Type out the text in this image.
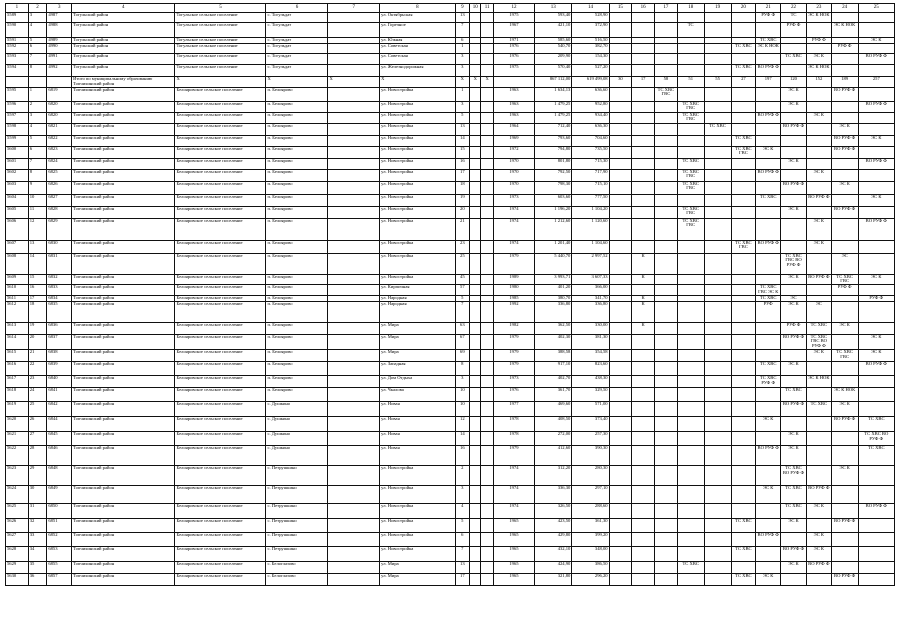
1	2	3	4	5	6	7	8	9	10	11	12	13	14	15	16	17	18	19	20	21	22	23	24	25
5589	3	4987	Тогульский район	Тогульское сельское поселение	с. Тогульдат		ул. Октябрьская	13			1975	593,40	528,90							РУФ Ф	ТС	ЭС К НОК		
5590	4	4988	Тогульский район	Тогульское сельское поселение	с. Тогульдат		ул. Горечное	7			1967	421,10	372,90				ТС				РУФ Ф		ЭС К НОК	
5591	5	4989	Тогульский район	Тогульское сельское поселение	с. Тогульдат		ул. Южная	6			1971	585,60	516,50							ТС ХВС		РУФ Ф		ЭС К
5592	6	4990	Тогульский район	Тогульское сельское поселение	с. Тогульдат		ул. Советская	1			1976	540,70	382,70						ТС ХВС	ЭС К НОК			РУФ Ф	
5593	7	4991	Тогульский район	Тогульское сельское поселение	с. Тогульдат		ул. Советская	3			1976	209,90	154,30								ТС ХВС	ЭС К		ВО РУФ Ф
5594	8	4992	Тогульский район	Тогульское сельское поселение	с. Тогульдат		ул. Железнодорожная	3			1975	570,40	527,20						ТС ХВС	ВО РУФ Ф		ЭС К НОК		
			Итого по муниципальному образованию Топчихинский район	Х	Х	Х	Х	Х	Х	Х		867 112,00	619 499,08	30	17	58	51	55	27	197	120	152	189	257
5595	1	6819	Топчихинский район	Белояровское сельское поселение	п. Белоярово		ул. Новостройка	1			1963	1 634,13	636,60			ТС ХВС ГВС					ЭС К		ВО РУФ Ф	
5596	2	6820	Топчихинский район	Белояровское сельское поселение	п. Белоярово		ул. Новостройка	3			1963	1 479,25	952,80				ТС ХВС ГВС				ЭС К			ВО РУФ Ф
5597	3	6820	Топчихинский район	Белояровское сельское поселение	п. Белоярово		ул. Новостройка	5			1963	1 479,25	934,40				ТС ХВС ГВС			ВО РУФ Ф		ЭС К		
5598	4	6821	Топчихинский район	Белояровское сельское поселение	п. Белоярово		ул. Новостройка	13			1964	712,40	636,30					ТС ХВС			ВО РУФ Ф		ЭС К	
5599	5	6822	Топчихинский район	Белояровское сельское поселение	п. Белоярово		ул. Новостройка	14			1969	793,60	704,60						ТС ХВС				ВО РУФ Ф	ЭС К
5600	6	6823	Топчихинский район	Белояровское сельское поселение	п. Белоярово		ул. Новостройка	15			1972	794,80	735,50						ТС ХВС ГВС	ЭС К			ВО РУФ Ф	
5601	7	6824	Топчихинский район	Белояровское сельское поселение	п. Белоярово		ул. Новостройка	16			1970	801,80	715,30				ТС ХВС				ЭС К			ВО РУФ Ф
5602	8	6825	Топчихинский район	Белояровское сельское поселение	п. Белоярово		ул. Новостройка	17			1970	792,50	717,90				ТС ХВС ГВС			ВО РУФ Ф		ЭС К		
5603	9	6826	Топчихинский район	Белояровское сельское поселение	п. Белоярово		ул. Новостройка	18			1970	798,30	715,10				ТС ХВС ГВС				ВО РУФ Ф		ЭС К	
5604	10	6827	Топчихинский район	Белояровское сельское поселение	п. Белоярово		ул. Новостройка	19			1973	603,60	777,50							ТС ХВС		ВО РУФ Ф		ЭС К
5605	11	6828	Топчихинский район	Белояровское сельское поселение	п. Белоярово		ул. Новостройка	20			1974	1 196,20	1 104,20				ТС ХВС ГВС				ЭС К		ВО РУФ Ф	
5606	12	6829	Топчихинский район	Белояровское сельское поселение	п. Белоярово		ул. Новостройка	21			1974	1 212,60	1 120,60				ТС ХВС ГВС					ЭС К		ВО РУФ Ф
5607	13	6830	Топчихинский район	Белояровское сельское поселение	п. Белоярово		ул. Новостройка	23			1974	1 201,40	1 104,60						ТС ХВС ГВС	ВО РУФ Ф		ЭС К		
5608	14	6831	Топчихинский район	Белояровское сельское поселение	п. Белоярово		ул. Новостройка	25			1979	5 440,70	2 997,52		К						ТС ХВС ГВС ВО РУФ Ф		ЭС	
5609	15	6832	Топчихинский район	Белояровское сельское поселение	п. Белоярово		ул. Новостройка	45			1989	3 993,71	3 607,33		К						ЭС К	ВО РУФ Ф	ТС ХВС ГВС	ЭС К
5610	16	6833	Топчихинский район	Белояровское сельское поселение	п. Белоярово		ул. Кирпичная	57			1980	401,20	366,00							ТС ХВС ГВС ЭС К			РУФ Ф	
5611	17	6834	Топчихинский район	Белояровское сельское поселение	п. Белоярово		ул. Народная	5			1985	380,70	341,70		К					ТС ХВС	ЭС			РУФ Ф
5612	18	6835	Топчихинский район	Белояровское сельское поселение	п. Белоярово		ул. Народная	7			1992	336,80	336,80		К					РУФ	ЭС К	ЭС		
5613	19	6836	Топчихинский район	Белояровское сельское поселение	п. Белоярово		ул. Мира	63			1982	362,50	330,00		К						РУФ Ф	ТС ХВС	ЭС К	
5614	20	6837	Топчихинский район	Белояровское сельское поселение	п. Белоярово		ул. Мира	67			1979	402,30	381,30								ВО РУФ Ф	ТС ХВС ГВС ВО РУФ Ф		ЭС К
5615	21	6838	Топчихинский район	Белояровское сельское поселение	п. Белоярово		ул. Мира	69			1979	388,58	354,58									ЭС К	ТС ХВС ГВС	ЭС К
5616	22	6839	Топчихинский район	Белояровское сельское поселение	п. Белоярово		ул. Западная	8			1979	917,10	823,60							ТС ХВС	ЭС К			ВО РУФ Ф
5617	23	6840	Топчихинский район	Белояровское сельское поселение	п. Белоярово		ул. Дом Отдыха	3			1973	402,70	438,30							ТС ХВС РУФ Ф		ЭС К НОК		
5618	24	6841	Топчихинский район	Белояровское сельское поселение	п. Белоярово		ул. Чкалова	10			1976	361,70	329,50								ТС ХВС		ЭС К НОК	
5619	25	6842	Топчихинский район	Белояровское сельское поселение	с. Душкино		ул. Новая	10			1977	469,60	571,00								ВО РУФ Ф	ТС ХВС	ЭС К	
5620	26	6844	Топчихинский район	Белояровское сельское поселение	с. Душкино		ул. Новая	12			1978	408,50	373,40							ЭС К			ВО РУФ Ф	ТС ХВС
5621	27	6845	Топчихинский район	Белояровское сельское поселение	с. Душкино		ул. Новая	14			1978	272,00	257,30								ЭС К			ТС ХВС ВО РУФ Ф
5622	28	6846	Топчихинский район	Белояровское сельское поселение	с. Душкино		ул. Новая	16			1979	412,60	390,30							ВО РУФ Ф	ЭС К			ТС ХВС
5623	29	6848	Топчихинский район	Белояровское сельское поселение	с. Петрушкино		ул. Новостройка	2			1974	312,20	280,30								ТС ХВС ВО РУФ Ф		ЭС К	
5624	30	6849	Топчихинский район	Белояровское сельское поселение	с. Петрушкино		ул. Новостройка	3			1974	336,30	297,10							ЭС К	ТС ХВС	ВО РУФ Ф		
5625	31	6850	Топчихинский район	Белояровское сельское поселение	с. Петрушкино		ул. Новостройка	4			1974	326,50	288,60								ТС ХВС	ЭС К		ВО РУФ Ф
5626	32	6851	Топчихинский район	Белояровское сельское поселение	с. Петрушкино		ул. Новостройка	5			1965	423,50	361,30						ТС ХВС		ЭС К		ВО РУФ Ф	
5627	33	6852	Топчихинский район	Белояровское сельское поселение	с. Петрушкино		ул. Новостройка	6			1965	429,80	399,20							ВО РУФ Ф		ЭС К		
5628	34	6853	Топчихинский район	Белояровское сельское поселение	с. Петрушкино		ул. Новостройка	7			1965	432,10	348,00						ТС ХВС		ВО РУФ Ф	ЭС К		
5629	35	6855	Топчихинский район	Белояровское сельское поселение	с. Белоглазово		ул. Мира	13			1965	424,90	386,50				ТС ХВС				ЭС К	ВО РУФ Ф		
5630	36	6857	Топчихинский район	Белояровское сельское поселение	с. Белоглазово		ул. Мира	17			1965	321,80	296,20						ТС ХВС	ЭС К			ВО РУФ Ф	
